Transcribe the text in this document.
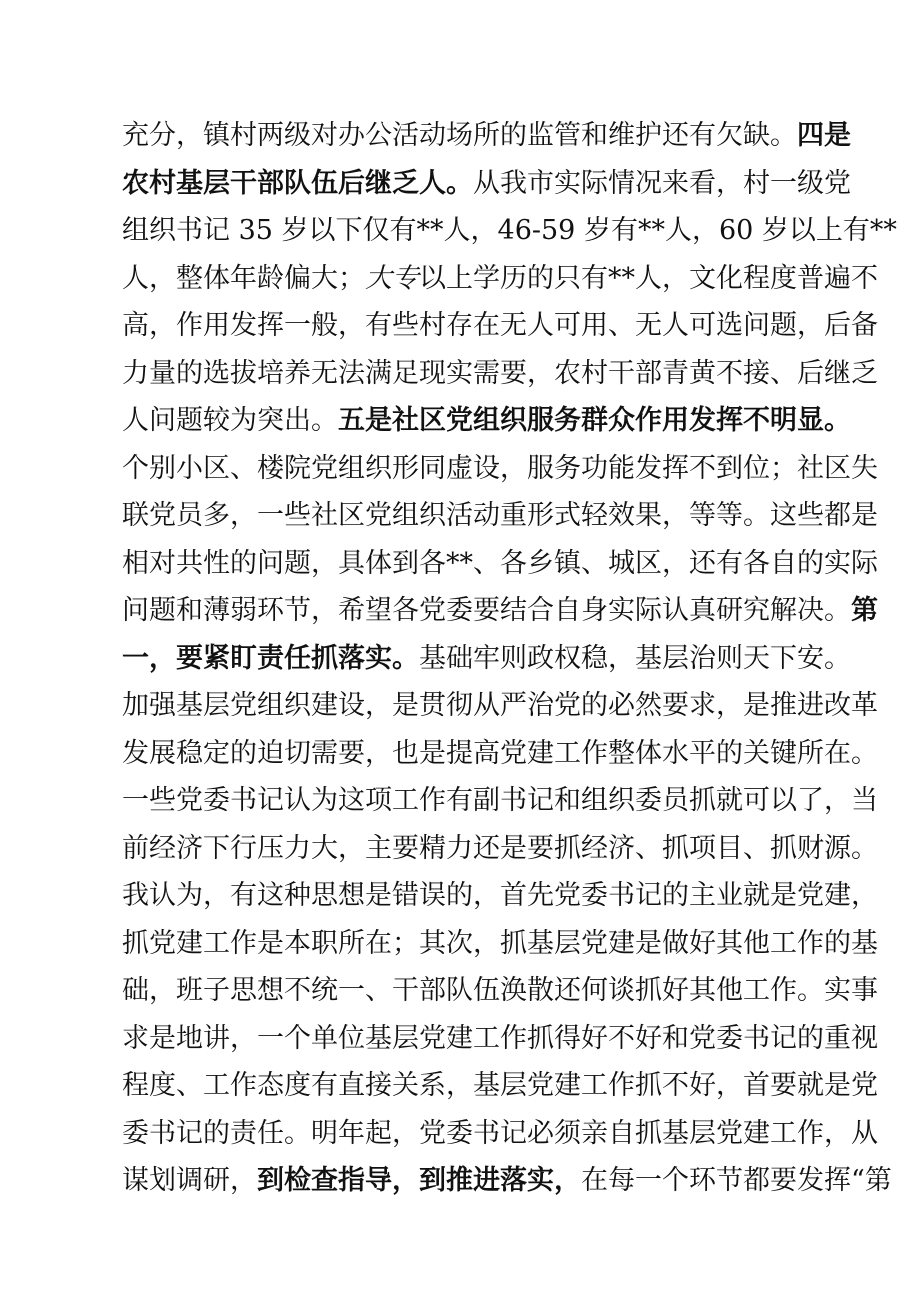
充分，镇村两级对办公活动场所的监管和维护还有欠缺。四是
农村基层干部队伍后继乏人。从我市实际情况来看，村一级党
组织书记 35 岁以下仅有**人，46-59 岁有**人，60 岁以上有**
人，整体年龄偏大；大专以上学历的只有**人，文化程度普遍不
高，作用发挥一般，有些村存在无人可用、无人可选问题，后备
力量的选拔培养无法满足现实需要，农村干部青黄不接、后继乏
人问题较为突出。五是社区党组织服务群众作用发挥不明显。
个别小区、楼院党组织形同虚设，服务功能发挥不到位；社区失
联党员多，一些社区党组织活动重形式轻效果，等等。这些都是
相对共性的问题，具体到各**、各乡镇、城区，还有各自的实际
问题和薄弱环节，希望各党委要结合自身实际认真研究解决。第
一，要紧盯责任抓落实。基础牢则政权稳，基层治则天下安。
加强基层党组织建设，是贯彻从严治党的必然要求，是推进改革
发展稳定的迫切需要，也是提高党建工作整体水平的关键所在。
一些党委书记认为这项工作有副书记和组织委员抓就可以了，当
前经济下行压力大，主要精力还是要抓经济、抓项目、抓财源。
我认为，有这种思想是错误的，首先党委书记的主业就是党建，
抓党建工作是本职所在；其次，抓基层党建是做好其他工作的基
础，班子思想不统一、干部队伍涣散还何谈抓好其他工作。实事
求是地讲，一个单位基层党建工作抓得好不好和党委书记的重视
程度、工作态度有直接关系，基层党建工作抓不好，首要就是党
委书记的责任。明年起，党委书记必须亲自抓基层党建工作，从
谋划调研，到检查指导，到推进落实，在每一个环节都要发挥“第
